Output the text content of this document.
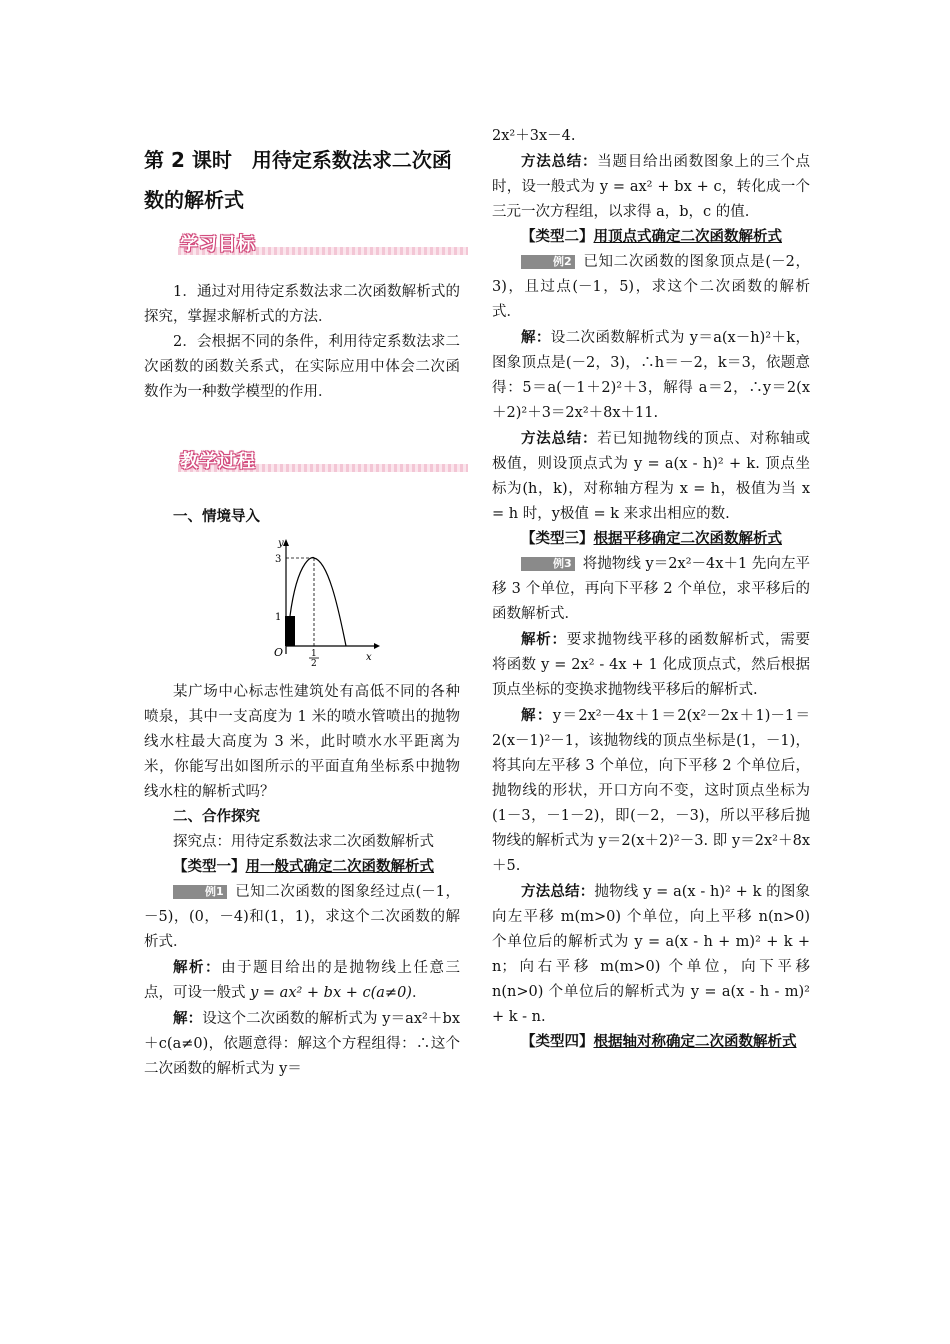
第 2 课时　用待定系数法求二次函数的解析式

学习目标

1．通过对用待定系数法求二次函数解析式的探究，掌握求解析式的方法．

2．会根据不同的条件，利用待定系数法求二次函数的函数关系式，在实际应用中体会二次函数作为一种数学模型的作用．

教学过程

一、情境导入

y
x
O
3
1
1
2

某广场中心标志性建筑处有高低不同的各种喷泉，其中一支高度为 1 米的喷水管喷出的抛物线水柱最大高度为 3 米，此时喷水水平距离为米，你能写出如图所示的平面直角坐标系中抛物线水柱的解析式吗？

二、合作探究

探究点：用待定系数法求二次函数解析式

【类型一】用一般式确定二次函数解析式

例1 已知二次函数的图象经过点(－1，－5)，(0，－4)和(1，1)，求这个二次函数的解析式．

解析：由于题目给出的是抛物线上任意三点，可设一般式 y = ax² + bx + c(a≠0)．

解：设这个二次函数的解析式为 y＝ax²＋bx＋c(a≠0)，依题意得：解这个方程组得：∴这个二次函数的解析式为 y＝

2x²＋3x－4.

方法总结：当题目给出函数图象上的三个点时，设一般式为 y = ax² + bx + c，转化成一个三元一次方程组，以求得 a，b，c 的值.

【类型二】用顶点式确定二次函数解析式

例2 已知二次函数的图象顶点是(－2，3)，且过点(－1，5)，求这个二次函数的解析式．

解：设二次函数解析式为 y＝a(x－h)²＋k，图象顶点是(－2，3)，∴h＝－2，k＝3，依题意得：5＝a(－1＋2)²＋3，解得 a＝2，∴y＝2(x＋2)²＋3＝2x²＋8x＋11.

方法总结：若已知抛物线的顶点、对称轴或极值，则设顶点式为 y = a(x - h)² + k. 顶点坐标为(h，k)，对称轴方程为 x = h，极值为当 x = h 时，y极值 = k 来求出相应的数.

【类型三】根据平移确定二次函数解析式

例3 将抛物线 y＝2x²－4x＋1 先向左平移 3 个单位，再向下平移 2 个单位，求平移后的函数解析式．

解析：要求抛物线平移的函数解析式，需要将函数 y = 2x² - 4x + 1 化成顶点式，然后根据顶点坐标的变换求抛物线平移后的解析式.

解：y＝2x²－4x＋1＝2(x²－2x＋1)－1＝2(x－1)²－1，该抛物线的顶点坐标是(1，－1)，将其向左平移 3 个单位，向下平移 2 个单位后，抛物线的形状，开口方向不变，这时顶点坐标为(1－3，－1－2)，即(－2，－3)，所以平移后抛物线的解析式为 y＝2(x＋2)²－3. 即 y＝2x²＋8x＋5.

方法总结：抛物线 y = a(x - h)² + k 的图象向左平移 m(m>0) 个单位，向上平移 n(n>0) 个单位后的解析式为 y = a(x - h + m)² + k + n；向右平移 m(m>0) 个单位，向下平移 n(n>0) 个单位后的解析式为 y = a(x - h - m)² + k - n.

【类型四】根据轴对称确定二次函数解析式
